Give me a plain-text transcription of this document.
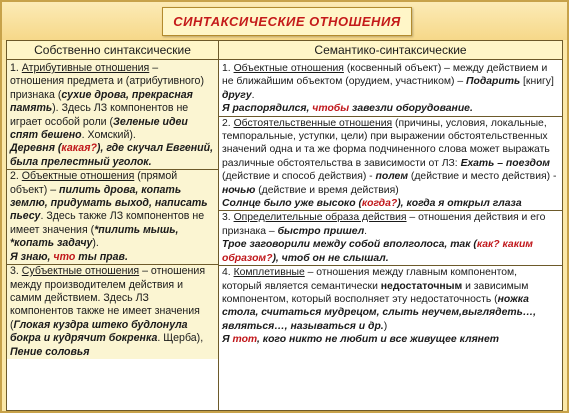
СИНТАКСИЧЕСКИЕ ОТНОШЕНИЯ
Собственно синтаксические

1. Атрибутивные отношения – отношения предмета и (атрибутивного) признака (сухие дрова, прекрасная память). Здесь ЛЗ компонентов не играет особой роли (Зеленые идеи спят бешено. Хомский).

Деревня (какая?), где скучал Евгений, была прелестный уголок.

2. Объектные отношения (прямой объект) – пилить дрова, копать землю, придумать выход, написать пьесу. Здесь также ЛЗ компонентов не имеет значения (*пилить мышь, *копать задачу).

Я знаю, что ты прав.

3. Субъектные отношения – отношения между производителем действия и самим действием. Здесь ЛЗ компонентов также не имеет значения (Глокая куздра штеко будлонула бокра и кудрячит бокренка. Щерба), Пение соловья

Семантико-синтаксические

1. Объектные отношения (косвенный объект) – между действием и не ближайшим объектом (орудием, участником) – Подарить [книгу] другу.

Я распорядился, чтобы завезли оборудование.

2. Обстоятельственные отношения (причины, условия, локальные, темпоральные, уступки, цели) при выражении обстоятельственных значений одна и та же форма подчиненного слова может выражать различные обстоятельства в зависимости от ЛЗ: Ехать – поездом (действие и способ действия) - полем (действие и место действия) - ночью (действие и время действия)

Солнце было уже высоко (когда?), когда я открыл глаза

3. Определительные образа действия – отношения действия и его признака – быстро пришел.

Трое заговорили между собой вполголоса, так (как? каким образом?), чтоб он не слышал.

4. Комплетивные – отношения между главным компонентом, который является семантически недостаточным и зависимым компонентом, который восполняет эту недостаточность (ножка стола, считаться мудрецом, слыть неучем,выглядеть…, являться…, называться и др.)

Я тот, кого никто не любит и все живущее клянет
